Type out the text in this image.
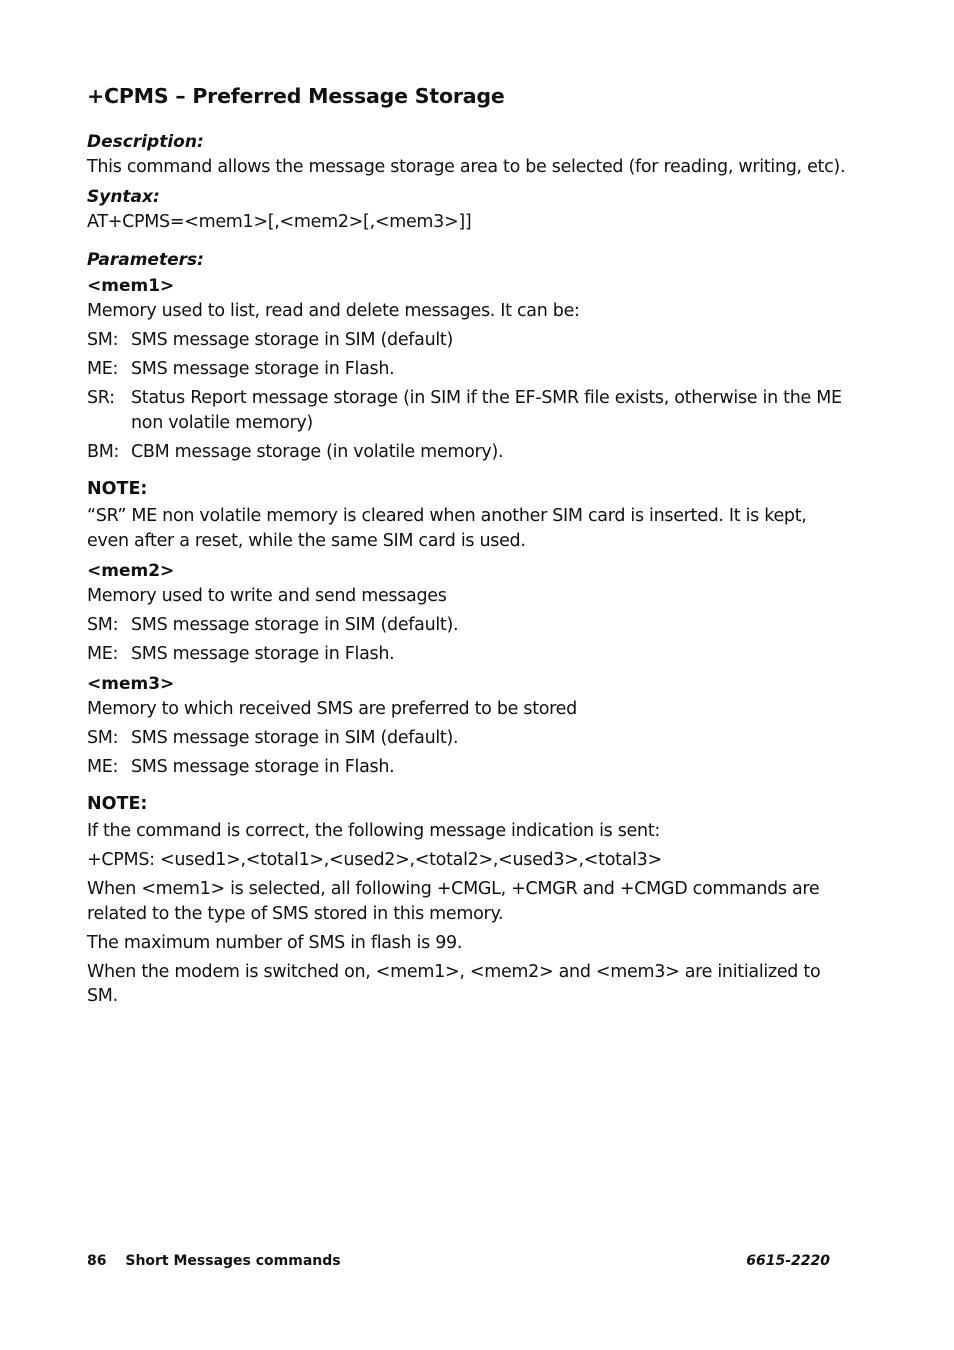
+CPMS – Preferred Message Storage

Description:

This command allows the message storage area to be selected (for reading, writing, etc).

Syntax:

AT+CPMS=<mem1>[,<mem2>[,<mem3>]]

Parameters:

<mem1>

Memory used to list, read and delete messages. It can be:

SM: SMS message storage in SIM (default)
ME: SMS message storage in Flash.
SR: Status Report message storage (in SIM if the EF-SMR file exists, otherwise in the ME non volatile memory)
BM: CBM message storage (in volatile memory).

NOTE:

“SR” ME non volatile memory is cleared when another SIM card is inserted. It is kept, even after a reset, while the same SIM card is used.

<mem2>

Memory used to write and send messages

SM: SMS message storage in SIM (default).
ME: SMS message storage in Flash.

<mem3>

Memory to which received SMS are preferred to be stored

SM: SMS message storage in SIM (default).
ME: SMS message storage in Flash.

NOTE:

If the command is correct, the following message indication is sent:

+CPMS: <used1>,<total1>,<used2>,<total2>,<used3>,<total3>

When <mem1> is selected, all following +CMGL, +CMGR and +CMGD commands are related to the type of SMS stored in this memory.

The maximum number of SMS in flash is 99.

When the modem is switched on, <mem1>, <mem2> and <mem3> are initialized to SM.

86 Short Messages commands	6615-2220
